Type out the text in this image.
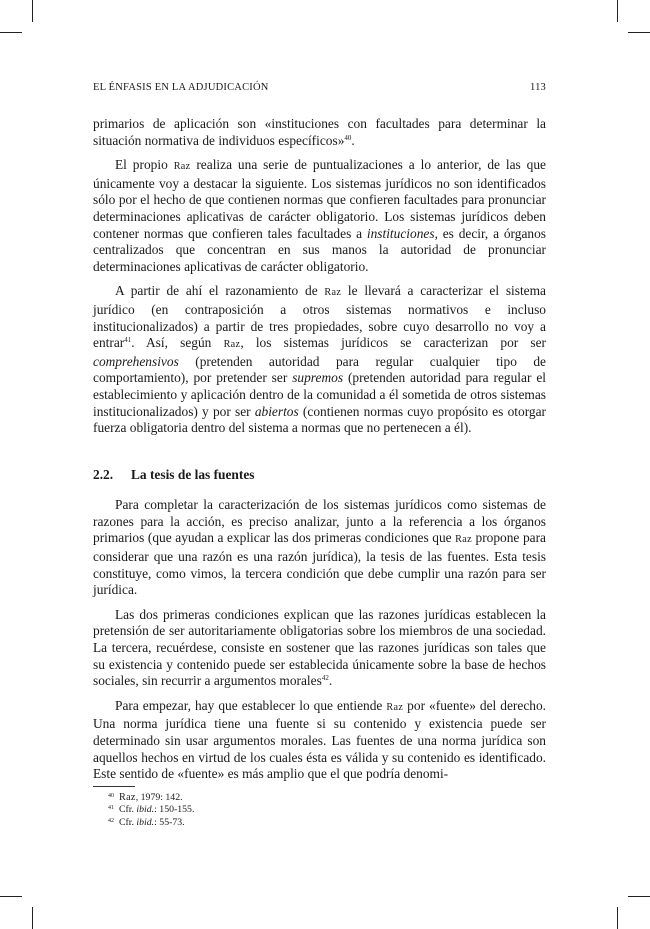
EL ÉNFASIS EN LA ADJUDICACIÓN	113

primarios de aplicación son «instituciones con facultades para determinar la situación normativa de individuos específicos»$^{40}$.

El propio Raz realiza una serie de puntualizaciones a lo anterior, de las que únicamente voy a destacar la siguiente. Los sistemas jurídicos no son identificados sólo por el hecho de que contienen normas que confieren facultades para pronunciar determinaciones aplicativas de carácter obligatorio. Los sistemas jurídicos deben contener normas que confieren tales facultades a instituciones, es decir, a órganos centralizados que concentran en sus manos la autoridad de pronunciar determinaciones aplicativas de carácter obligatorio.

A partir de ahí el razonamiento de Raz le llevará a caracterizar el sistema jurídico (en contraposición a otros sistemas normativos e incluso institucionalizados) a partir de tres propiedades, sobre cuyo desarrollo no voy a entrar$^{41}$. Así, según Raz, los sistemas jurídicos se caracterizan por ser comprehensivos (pretenden autoridad para regular cualquier tipo de comportamiento), por pretender ser supremos (pretenden autoridad para regular el establecimiento y aplicación dentro de la comunidad a él sometida de otros sistemas institucionalizados) y por ser abiertos (contienen normas cuyo propósito es otorgar fuerza obligatoria dentro del sistema a normas que no pertenecen a él).

2.2. La tesis de las fuentes

Para completar la caracterización de los sistemas jurídicos como sistemas de razones para la acción, es preciso analizar, junto a la referencia a los órganos primarios (que ayudan a explicar las dos primeras condiciones que Raz propone para considerar que una razón es una razón jurídica), la tesis de las fuentes. Esta tesis constituye, como vimos, la tercera condición que debe cumplir una razón para ser jurídica.

Las dos primeras condiciones explican que las razones jurídicas establecen la pretensión de ser autoritariamente obligatorias sobre los miembros de una sociedad. La tercera, recuérdese, consiste en sostener que las razones jurídicas son tales que su existencia y contenido puede ser establecida únicamente sobre la base de hechos sociales, sin recurrir a argumentos morales$^{42}$.

Para empezar, hay que establecer lo que entiende Raz por «fuente» del derecho. Una norma jurídica tiene una fuente si su contenido y existencia puede ser determinado sin usar argumentos morales. Las fuentes de una norma jurídica son aquellos hechos en virtud de los cuales ésta es válida y su contenido es identificado. Este sentido de «fuente» es más amplio que el que podría denomi-

$^{40}$ Raz, 1979: 142.
$^{41}$ Cfr. ibid.: 150-155.
$^{42}$ Cfr. ibid.: 55-73.
